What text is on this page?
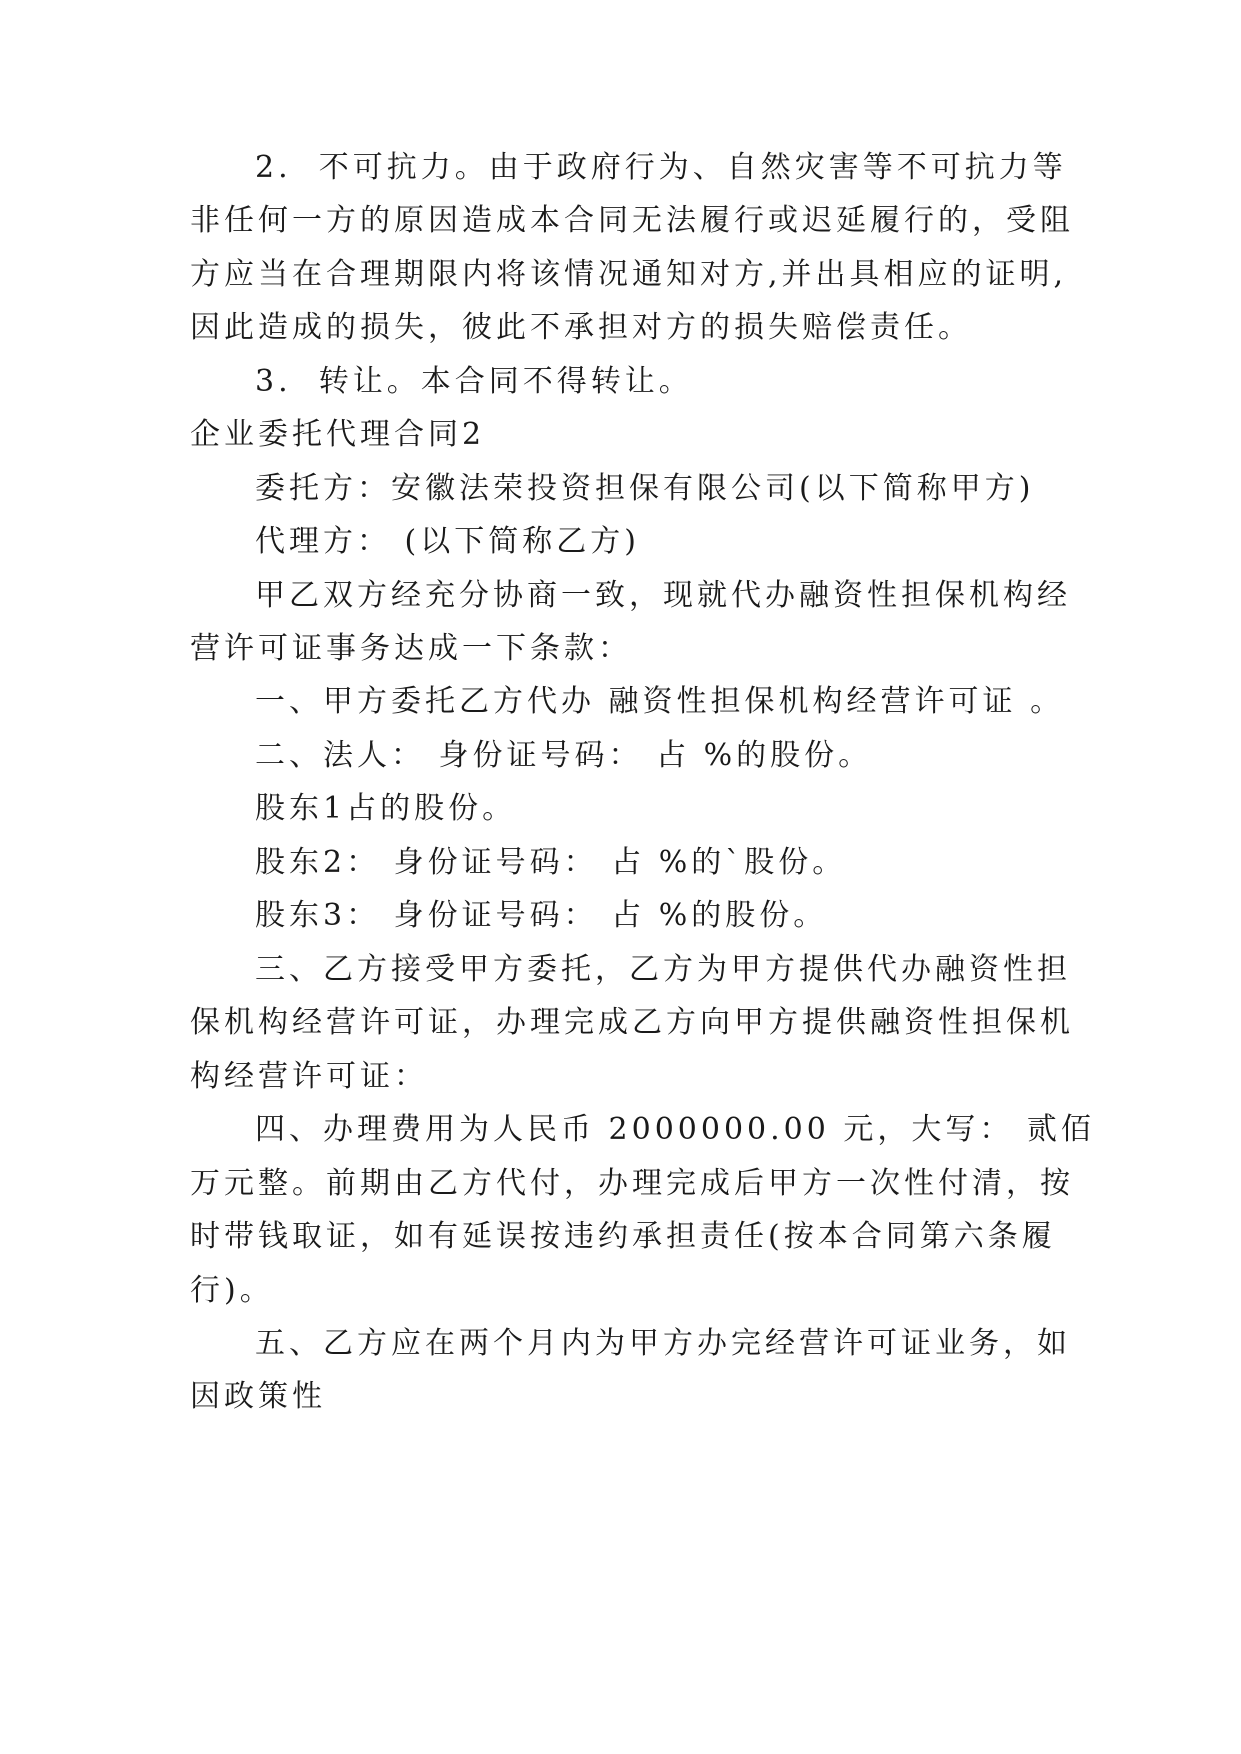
2.  不可抗力。由于政府行为、自然灾害等不可抗力等
非任何一方的原因造成本合同无法履行或迟延履行的，受阻
方应当在合理期限内将该情况通知对方,并出具相应的证明,
因此造成的损失，彼此不承担对方的损失赔偿责任。
3.  转让。本合同不得转让。
企业委托代理合同2
委托方：安徽法荣投资担保有限公司(以下简称甲方)
代理方： (以下简称乙方)
甲乙双方经充分协商一致，现就代办融资性担保机构经
营许可证事务达成一下条款：
一、甲方委托乙方代办 融资性担保机构经营许可证 。
二、法人： 身份证号码： 占 %的股份。
股东1占的股份。
股东2： 身份证号码： 占 %的`股份。
股东3： 身份证号码： 占 %的股份。
三、乙方接受甲方委托，乙方为甲方提供代办融资性担
保机构经营许可证，办理完成乙方向甲方提供融资性担保机
构经营许可证：
四、办理费用为人民币 2000000.00 元，大写： 贰佰
万元整。前期由乙方代付，办理完成后甲方一次性付清，按
时带钱取证，如有延误按违约承担责任(按本合同第六条履
行)。
五、乙方应在两个月内为甲方办完经营许可证业务，如
因政策性
